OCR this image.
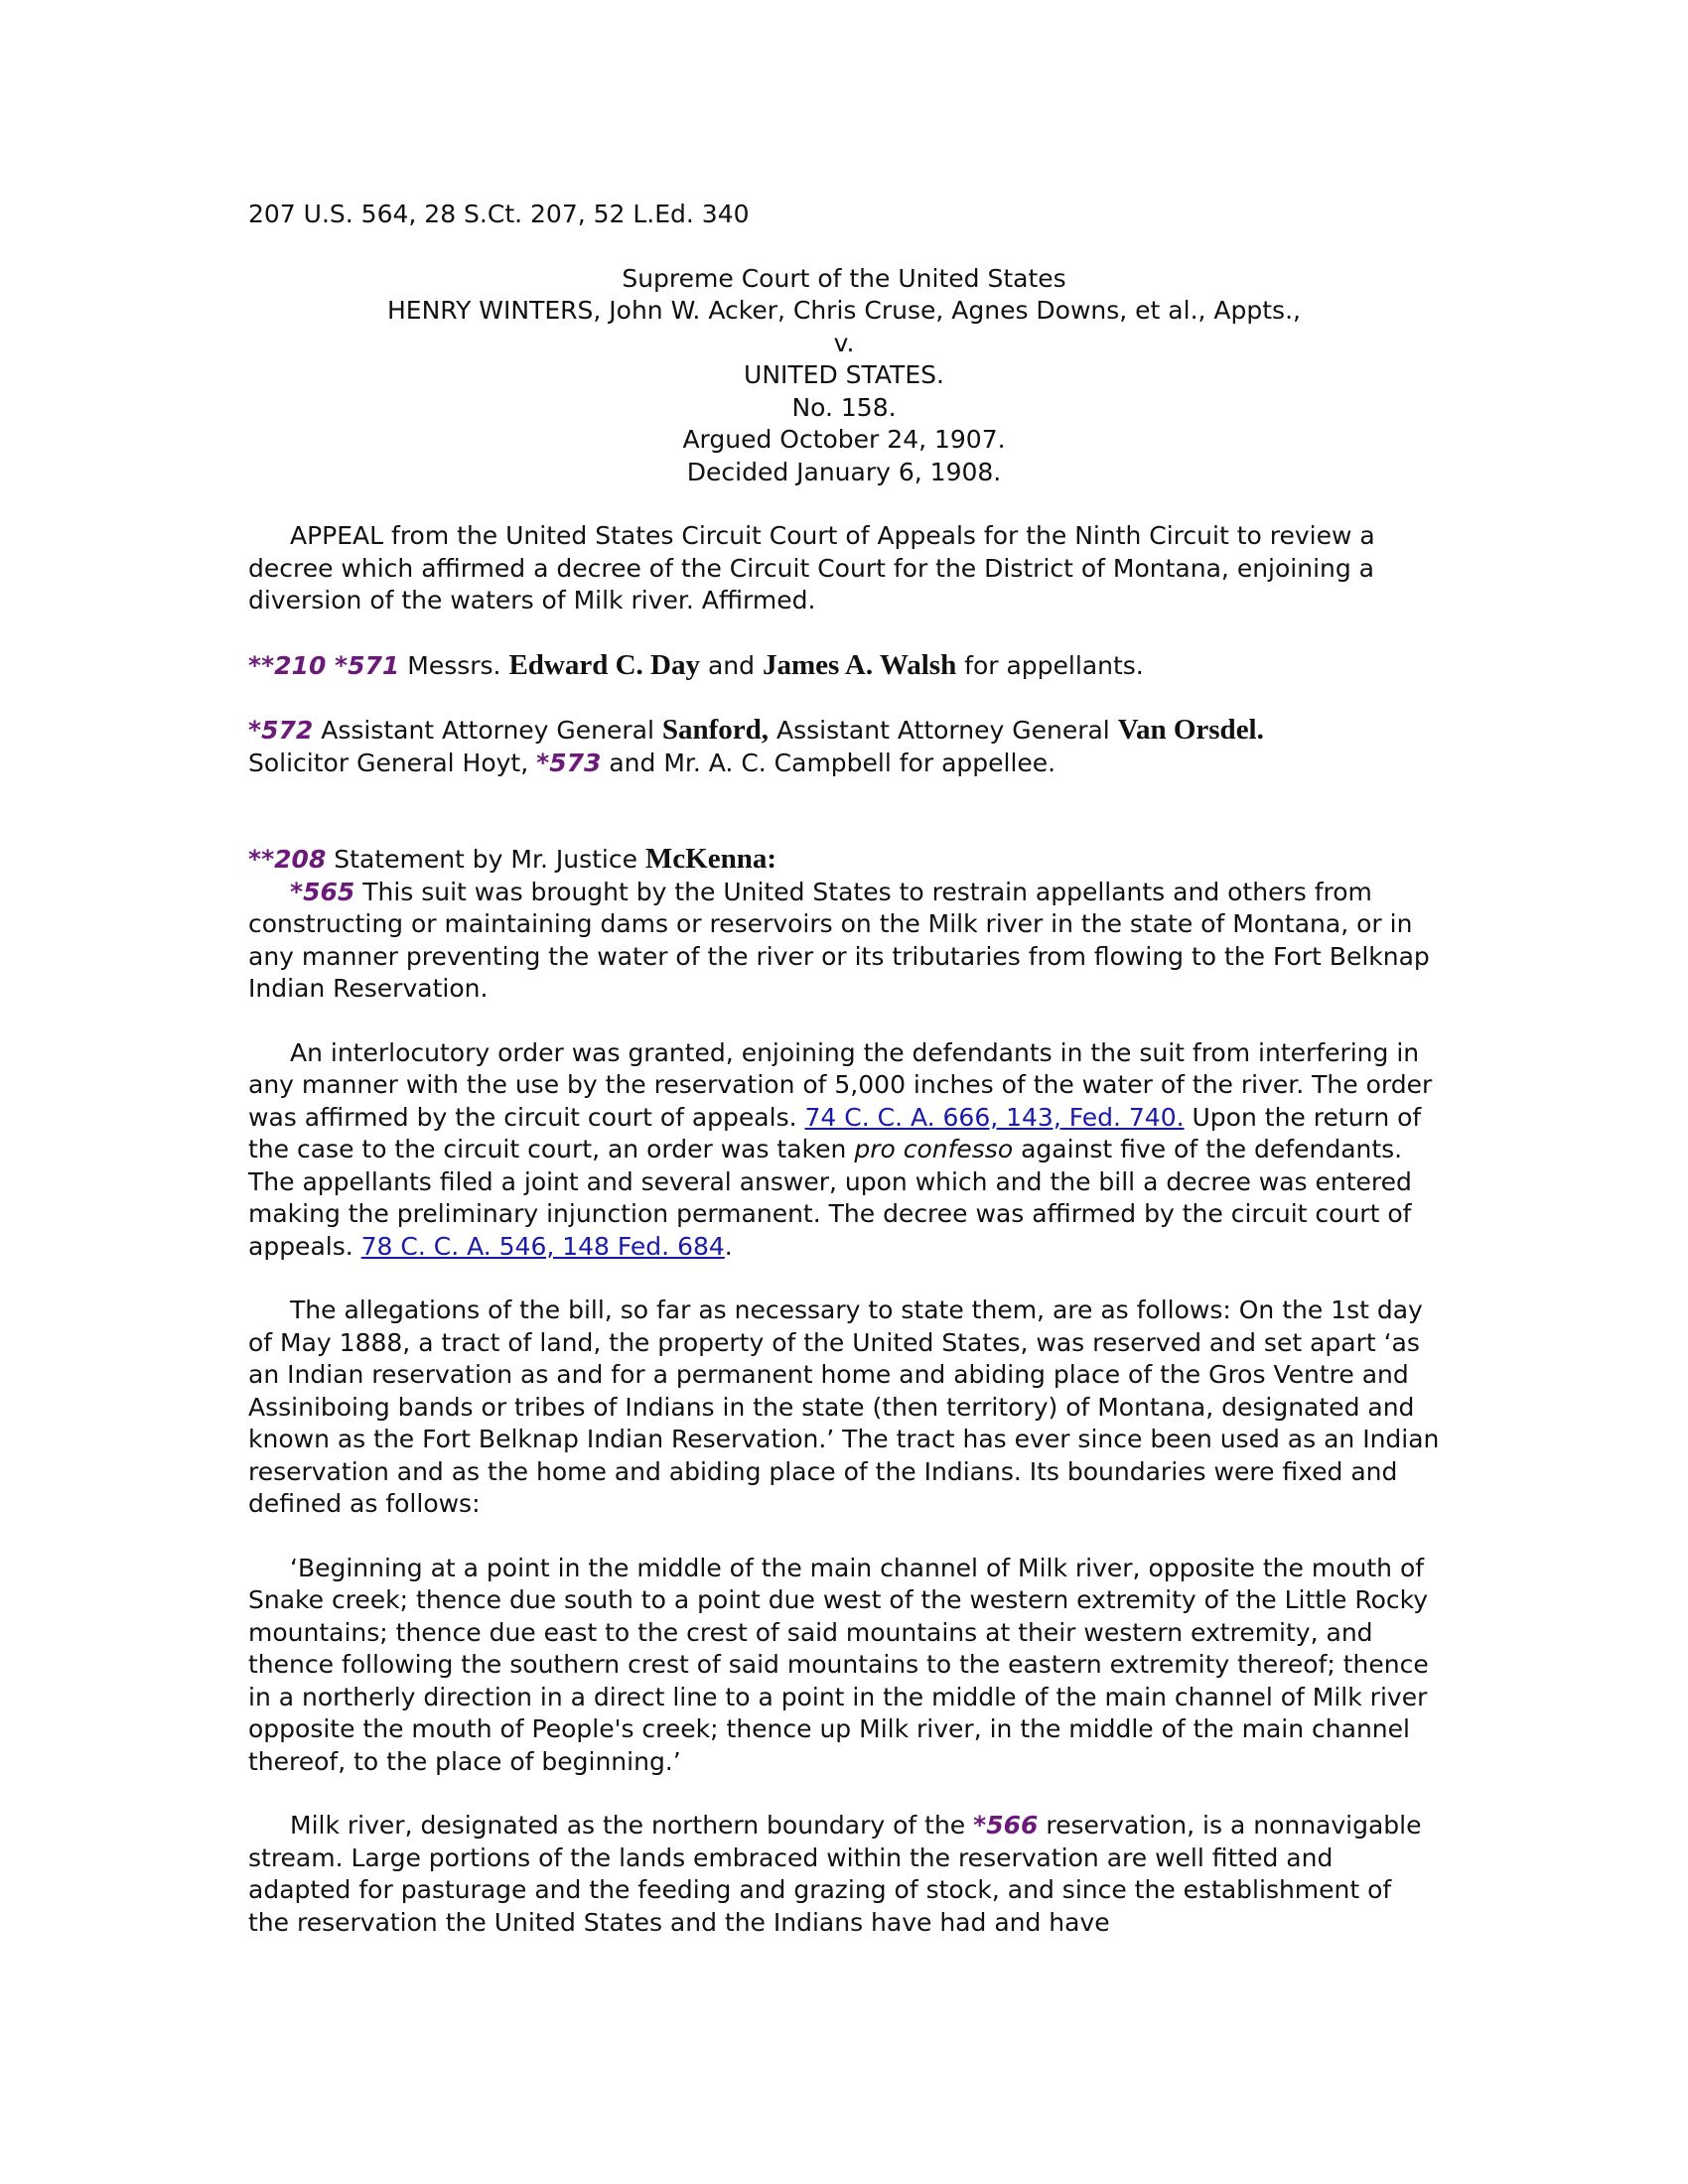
207 U.S. 564, 28 S.Ct. 207, 52 L.Ed. 340
Supreme Court of the United States
HENRY WINTERS, John W. Acker, Chris Cruse, Agnes Downs, et al., Appts.,
v.
UNITED STATES.
No. 158.
Argued October 24, 1907.
Decided January 6, 1908.

APPEAL from the United States Circuit Court of Appeals for the Ninth Circuit to review a decree which affirmed a decree of the Circuit Court for the District of Montana, enjoining a diversion of the waters of Milk river. Affirmed.

**210 *571 Messrs. Edward C. Day and James A. Walsh for appellants.

*572 Assistant Attorney General Sanford, Assistant Attorney General Van Orsdel.
Solicitor General Hoyt, *573 and Mr. A. C. Campbell for appellee.

**208 Statement by Mr. Justice McKenna:

*565 This suit was brought by the United States to restrain appellants and others from constructing or maintaining dams or reservoirs on the Milk river in the state of Montana, or in any manner preventing the water of the river or its tributaries from flowing to the Fort Belknap Indian Reservation.

An interlocutory order was granted, enjoining the defendants in the suit from interfering in any manner with the use by the reservation of 5,000 inches of the water of the river. The order was affirmed by the circuit court of appeals. 74 C. C. A. 666, 143, Fed. 740. Upon the return of the case to the circuit court, an order was taken pro confesso against five of the defendants. The appellants filed a joint and several answer, upon which and the bill a decree was entered making the preliminary injunction permanent. The decree was affirmed by the circuit court of appeals. 78 C. C. A. 546, 148 Fed. 684.

The allegations of the bill, so far as necessary to state them, are as follows: On the 1st day of May 1888, a tract of land, the property of the United States, was reserved and set apart ‘as an Indian reservation as and for a permanent home and abiding place of the Gros Ventre and Assiniboing bands or tribes of Indians in the state (then territory) of Montana, designated and known as the Fort Belknap Indian Reservation.’ The tract has ever since been used as an Indian reservation and as the home and abiding place of the Indians. Its boundaries were fixed and defined as follows:

‘Beginning at a point in the middle of the main channel of Milk river, opposite the mouth of Snake creek; thence due south to a point due west of the western extremity of the Little Rocky mountains; thence due east to the crest of said mountains at their western extremity, and thence following the southern crest of said mountains to the eastern extremity thereof; thence in a northerly direction in a direct line to a point in the middle of the main channel of Milk river opposite the mouth of People's creek; thence up Milk river, in the middle of the main channel thereof, to the place of beginning.’

Milk river, designated as the northern boundary of the *566 reservation, is a nonnavigable stream. Large portions of the lands embraced within the reservation are well fitted and adapted for pasturage and the feeding and grazing of stock, and since the establishment of the reservation the United States and the Indians have had and have
